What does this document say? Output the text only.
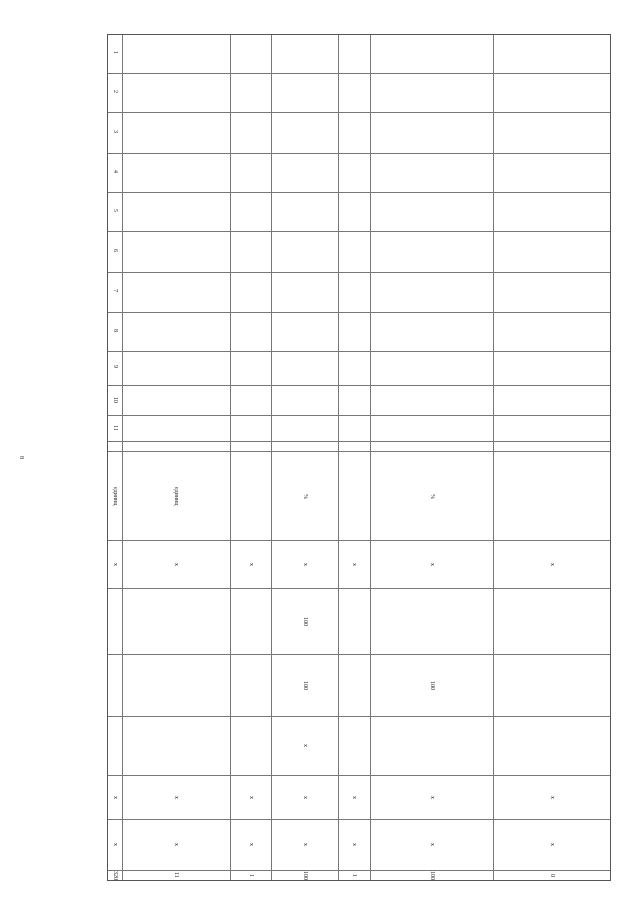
8
1
2
3
4
5
6
7
8
9
10
11
единиц
x
x
x
320
единиц
x
x
x
11
x
x
x
1
%
x
100
100
x
x
x
100
x
x
x
1
%
x
100
x
x
100
x
x
x
0
